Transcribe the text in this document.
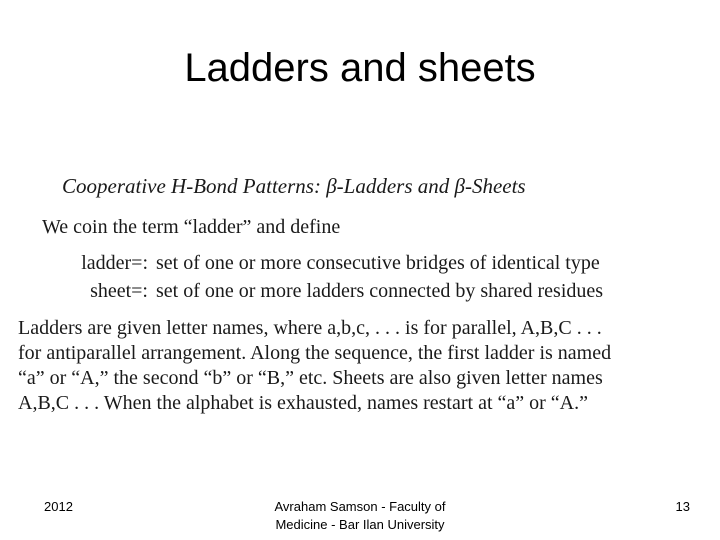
Ladders and sheets
Cooperative H-Bond Patterns: β-Ladders and β-Sheets
We coin the term “ladder” and define
ladder=: set of one or more consecutive bridges of identical type
sheet=: set of one or more ladders connected by shared residues
Ladders are given letter names, where a,b,c, . . . is for parallel, A,B,C . . .
for antiparallel arrangement. Along the sequence, the first ladder is named
“a” or “A,” the second “b” or “B,” etc. Sheets are also given letter names
A,B,C . . . When the alphabet is exhausted, names restart at “a” or “A.”
2012	Avraham Samson - Faculty of
Medicine - Bar Ilan University
13
